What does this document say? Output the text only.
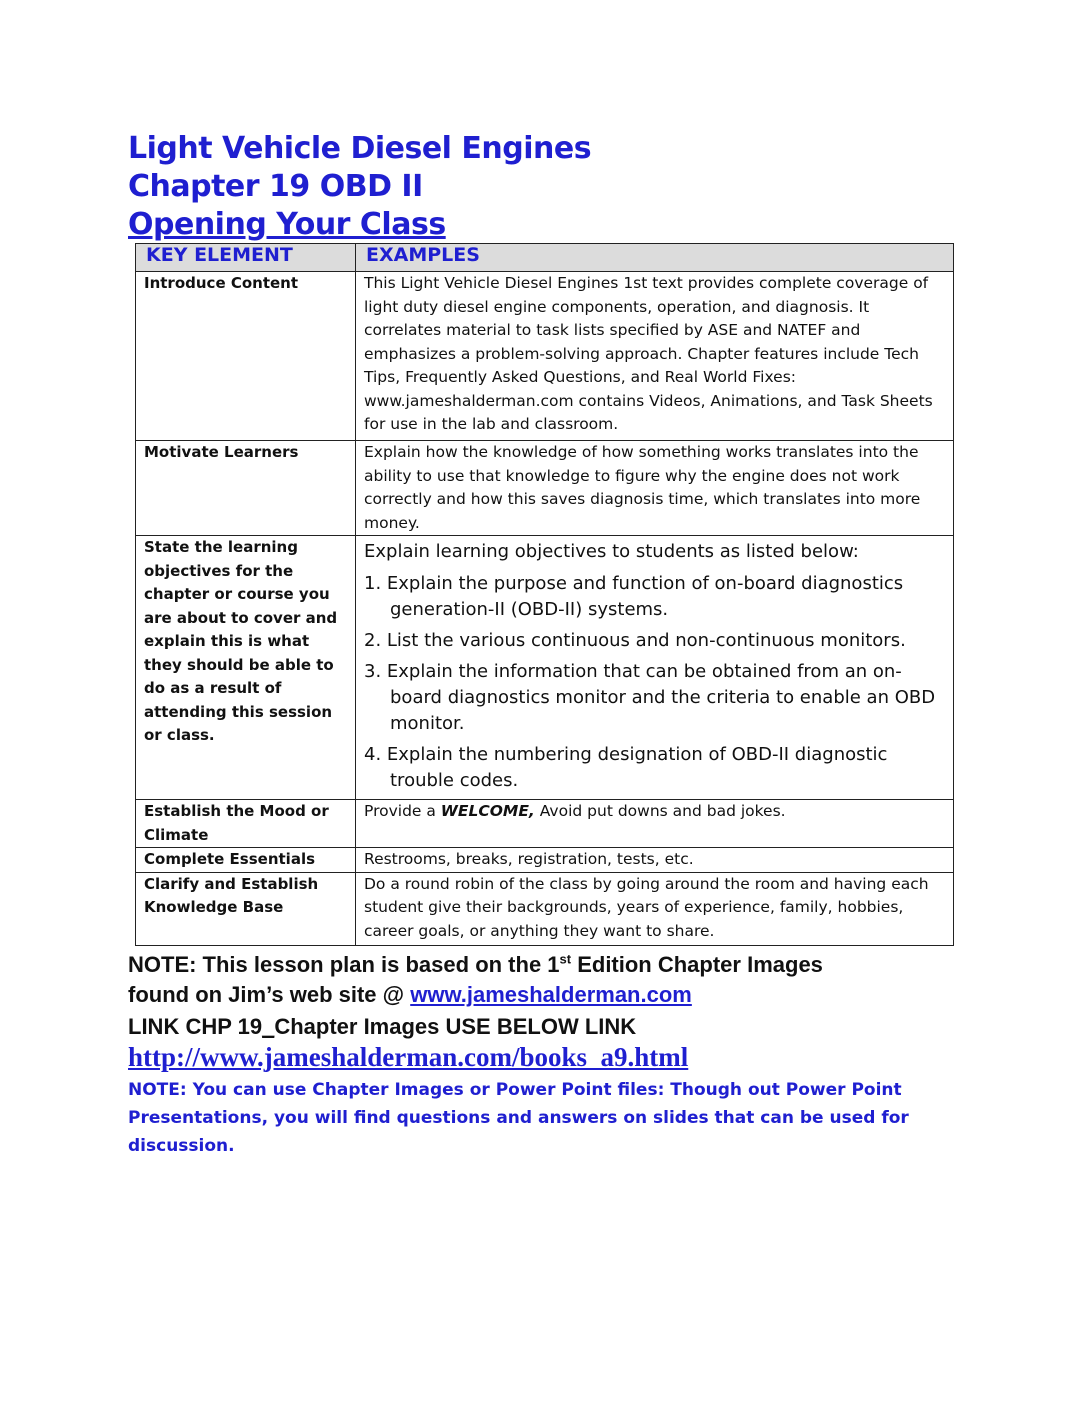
Light Vehicle Diesel Engines
Chapter 19 OBD II
Opening Your Class
KEY ELEMENT	EXAMPLES
Introduce Content	This Light Vehicle Diesel Engines 1st text provides complete coverage of light duty diesel engine components, operation, and diagnosis. It correlates material to task lists specified by ASE and NATEF and emphasizes a problem-solving approach. Chapter features include Tech Tips, Frequently Asked Questions, and Real World Fixes: www.jameshalderman.com contains Videos, Animations, and Task Sheets for use in the lab and classroom.
Motivate Learners	Explain how the knowledge of how something works translates into the ability to use that knowledge to figure why the engine does not work correctly and how this saves diagnosis time, which translates into more money.
State the learning objectives for the chapter or course you are about to cover and explain this is what they should be able to do as a result of attending this session or class.	Explain learning objectives to students as listed below:
1. Explain the purpose and function of on-board diagnostics generation-II (OBD-II) systems.
2. List the various continuous and non-continuous monitors.
3. Explain the information that can be obtained from an on-board diagnostics monitor and the criteria to enable an OBD monitor.
4. Explain the numbering designation of OBD-II diagnostic trouble codes.

Establish the Mood or Climate	Provide a WELCOME, Avoid put downs and bad jokes.
Complete Essentials	Restrooms, breaks, registration, tests, etc.
Clarify and Establish Knowledge Base	Do a round robin of the class by going around the room and having each student give their backgrounds, years of experience, family, hobbies, career goals, or anything they want to share.
NOTE: This lesson plan is based on the 1st Edition Chapter Images
found on Jim’s web site @ www.jameshalderman.com
LINK CHP 19_Chapter Images USE BELOW LINK
http://www.jameshalderman.com/books_a9.html
NOTE: You can use Chapter Images or Power Point files: Though out Power Point Presentations, you will find questions and answers on slides that can be used for discussion.
